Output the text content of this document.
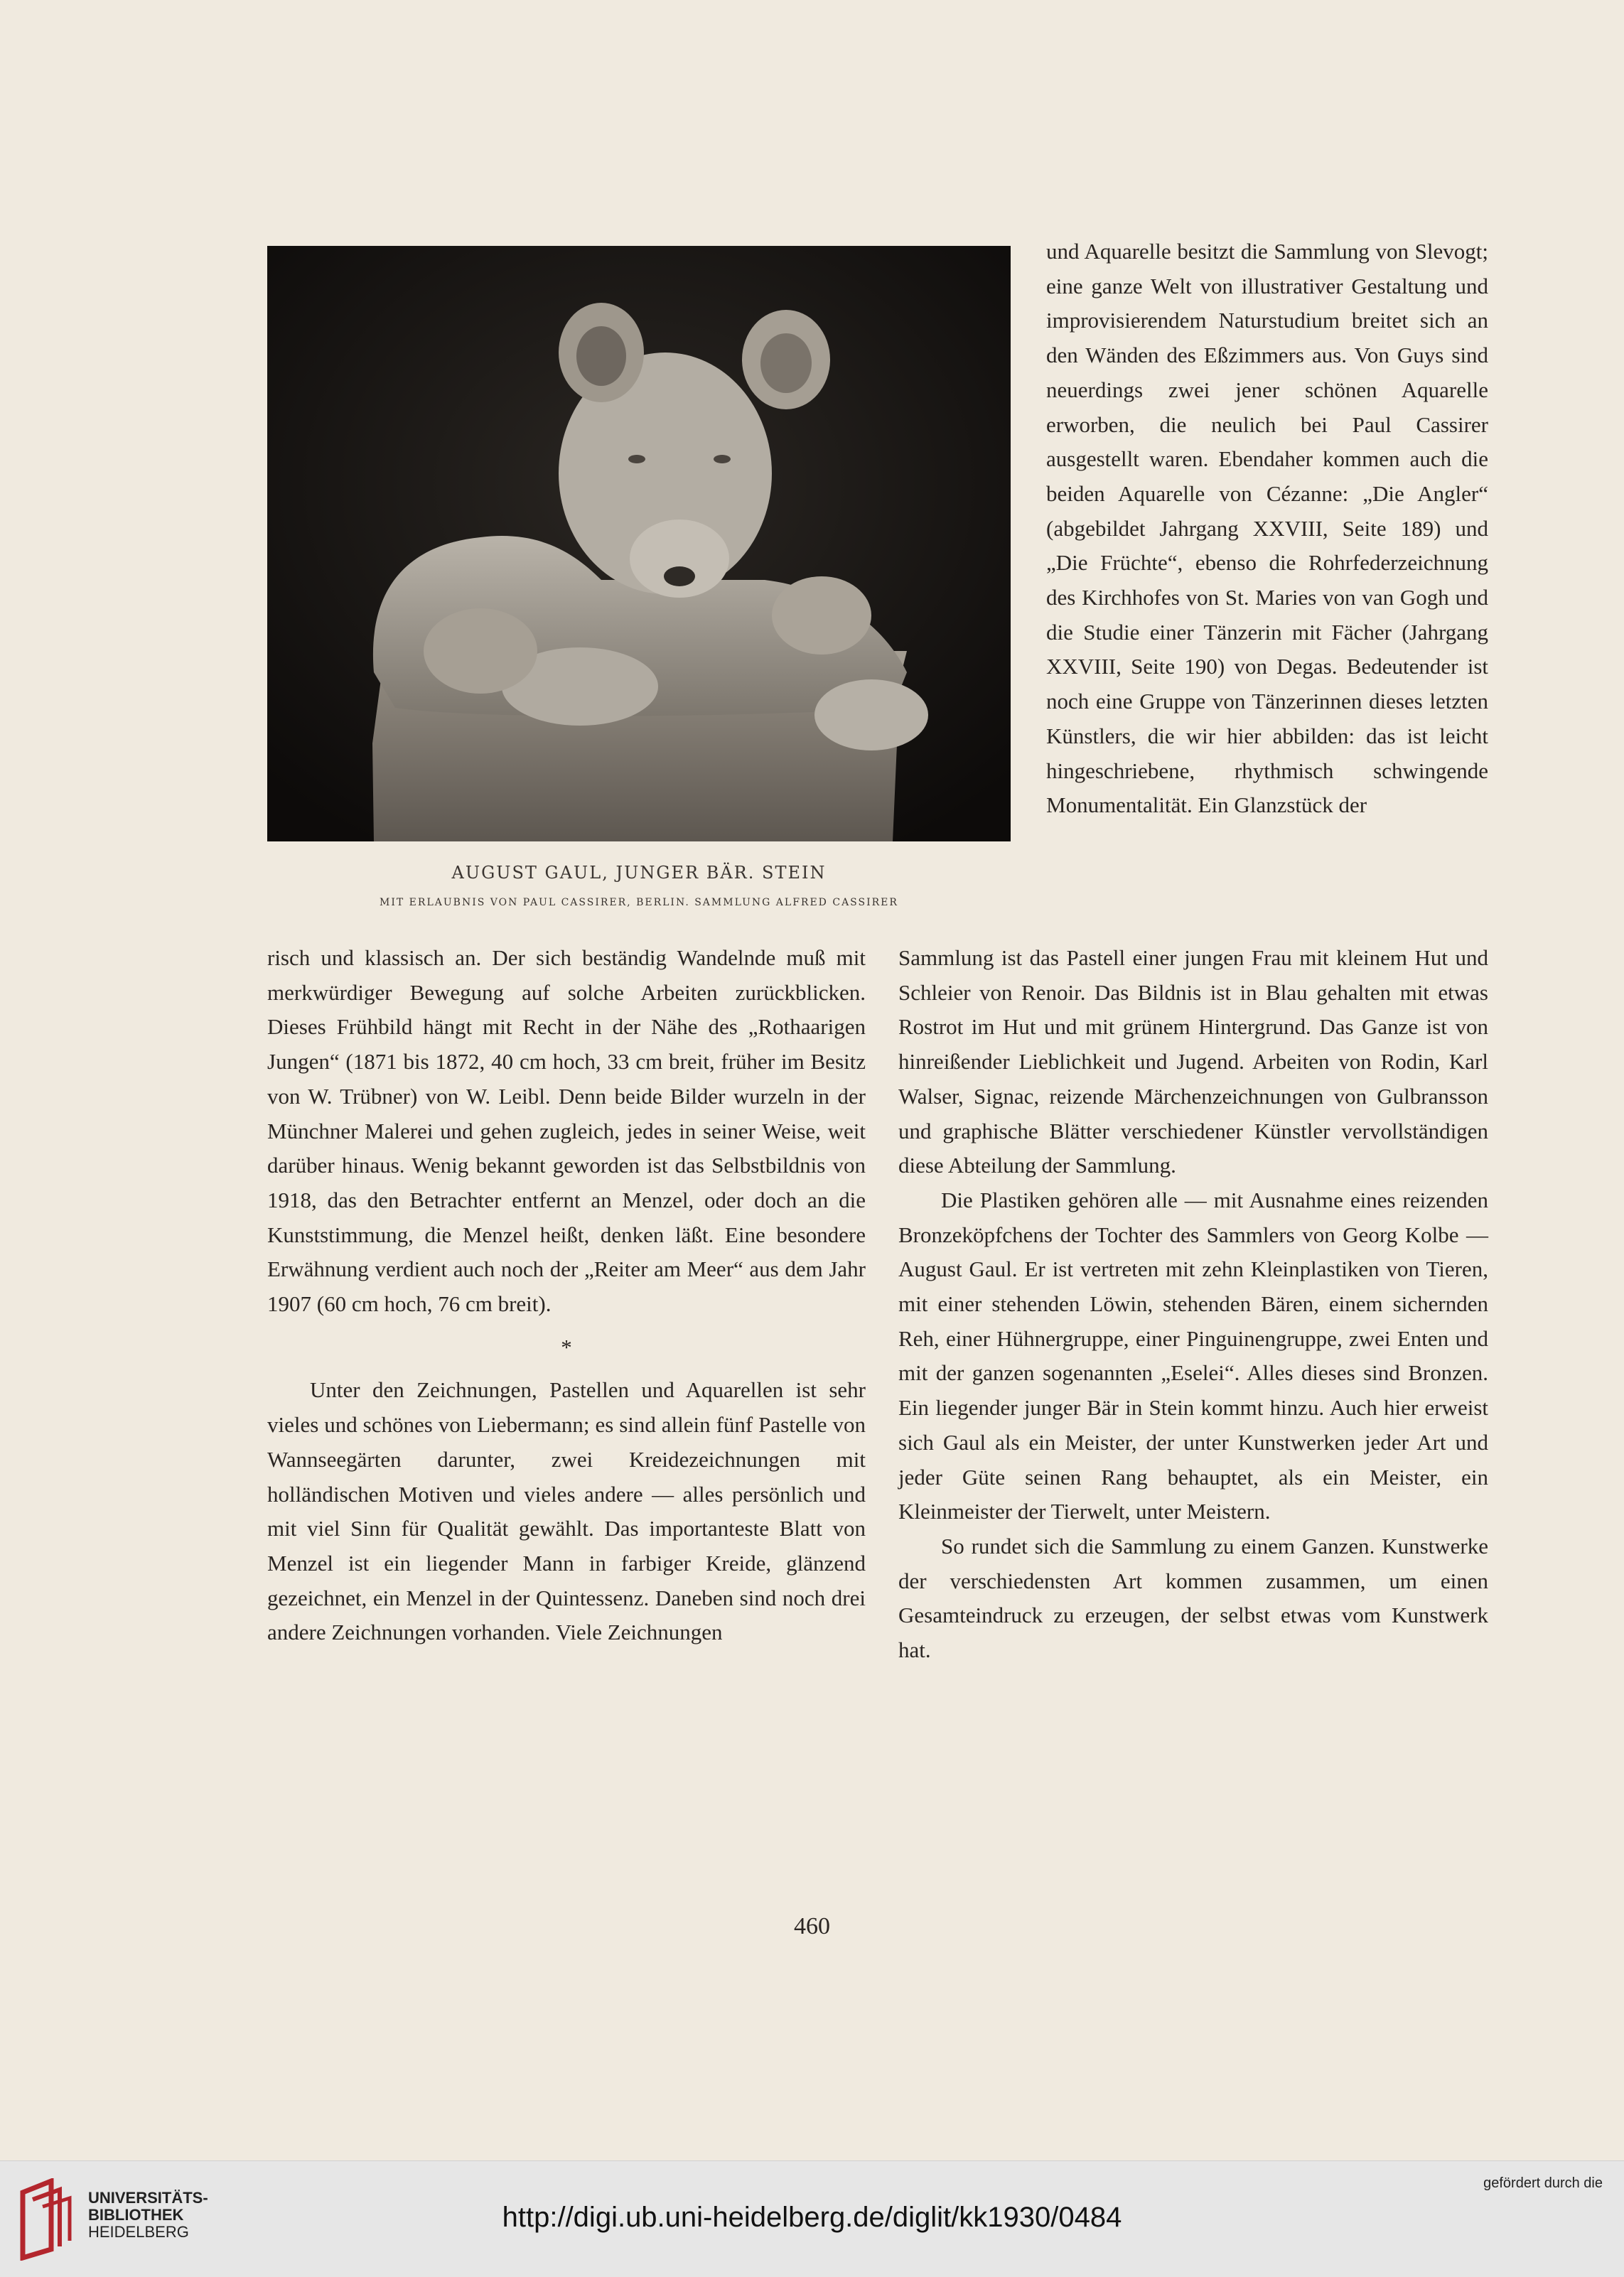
AUGUST GAUL, JUNGER BÄR. STEIN
MIT ERLAUBNIS VON PAUL CASSIRER, BERLIN. SAMMLUNG ALFRED CASSIRER

und Aquarelle besitzt die Sammlung von Slevogt; eine ganze Welt von illustrativer Gestaltung und improvisierendem Naturstudium breitet sich an den Wänden des Eßzimmers aus. Von Guys sind neuerdings zwei jener schönen Aquarelle erworben, die neulich bei Paul Cassirer ausgestellt waren. Ebendaher kommen auch die beiden Aquarelle von Cézanne: „Die Angler“ (abgebildet Jahrgang XXVIII, Seite 189) und „Die Früchte“, ebenso die Rohrfederzeichnung des Kirchhofes von St. Maries von van Gogh und die Studie einer Tänzerin mit Fächer (Jahrgang XXVIII, Seite 190) von Degas. Bedeutender ist noch eine Gruppe von Tänzerinnen dieses letzten Künstlers, die wir hier abbilden: das ist leicht hingeschriebene, rhythmisch schwingende Monumentalität. Ein Glanzstück der

risch und klassisch an. Der sich beständig Wandelnde muß mit merkwürdiger Bewegung auf solche Arbeiten zurückblicken. Dieses Frühbild hängt mit Recht in der Nähe des „Rothaarigen Jungen“ (1871 bis 1872, 40 cm hoch, 33 cm breit, früher im Besitz von W. Trübner) von W. Leibl. Denn beide Bilder wurzeln in der Münchner Malerei und gehen zugleich, jedes in seiner Weise, weit darüber hinaus. Wenig bekannt geworden ist das Selbstbildnis von 1918, das den Betrachter entfernt an Menzel, oder doch an die Kunststimmung, die Menzel heißt, denken läßt. Eine besondere Erwähnung verdient auch noch der „Reiter am Meer“ aus dem Jahr 1907 (60 cm hoch, 76 cm breit).

*

Unter den Zeichnungen, Pastellen und Aquarellen ist sehr vieles und schönes von Liebermann; es sind allein fünf Pastelle von Wannseegärten darunter, zwei Kreidezeichnungen mit holländischen Motiven und vieles andere — alles persönlich und mit viel Sinn für Qualität gewählt. Das importanteste Blatt von Menzel ist ein liegender Mann in farbiger Kreide, glänzend gezeichnet, ein Menzel in der Quintessenz. Daneben sind noch drei andere Zeichnungen vorhanden. Viele Zeichnungen

Sammlung ist das Pastell einer jungen Frau mit kleinem Hut und Schleier von Renoir. Das Bildnis ist in Blau gehalten mit etwas Rostrot im Hut und mit grünem Hintergrund. Das Ganze ist von hinreißender Lieblichkeit und Jugend. Arbeiten von Rodin, Karl Walser, Signac, reizende Märchenzeichnungen von Gulbransson und graphische Blätter verschiedener Künstler vervollständigen diese Abteilung der Sammlung.

Die Plastiken gehören alle — mit Ausnahme eines reizenden Bronzeköpfchens der Tochter des Sammlers von Georg Kolbe — August Gaul. Er ist vertreten mit zehn Kleinplastiken von Tieren, mit einer stehenden Löwin, stehenden Bären, einem sichernden Reh, einer Hühnergruppe, einer Pinguinengruppe, zwei Enten und mit der ganzen sogenannten „Eselei“. Alles dieses sind Bronzen. Ein liegender junger Bär in Stein kommt hinzu. Auch hier erweist sich Gaul als ein Meister, der unter Kunstwerken jeder Art und jeder Güte seinen Rang behauptet, als ein Meister, ein Kleinmeister der Tierwelt, unter Meistern.

So rundet sich die Sammlung zu einem Ganzen. Kunstwerke der verschiedensten Art kommen zusammen, um einen Gesamteindruck zu erzeugen, der selbst etwas vom Kunstwerk hat.

460
UNIVERSITÄTS-
BIBLIOTHEK
HEIDELBERG	http://digi.ub.uni-heidelberg.de/diglit/kk1930/0484
gefördert durch die
